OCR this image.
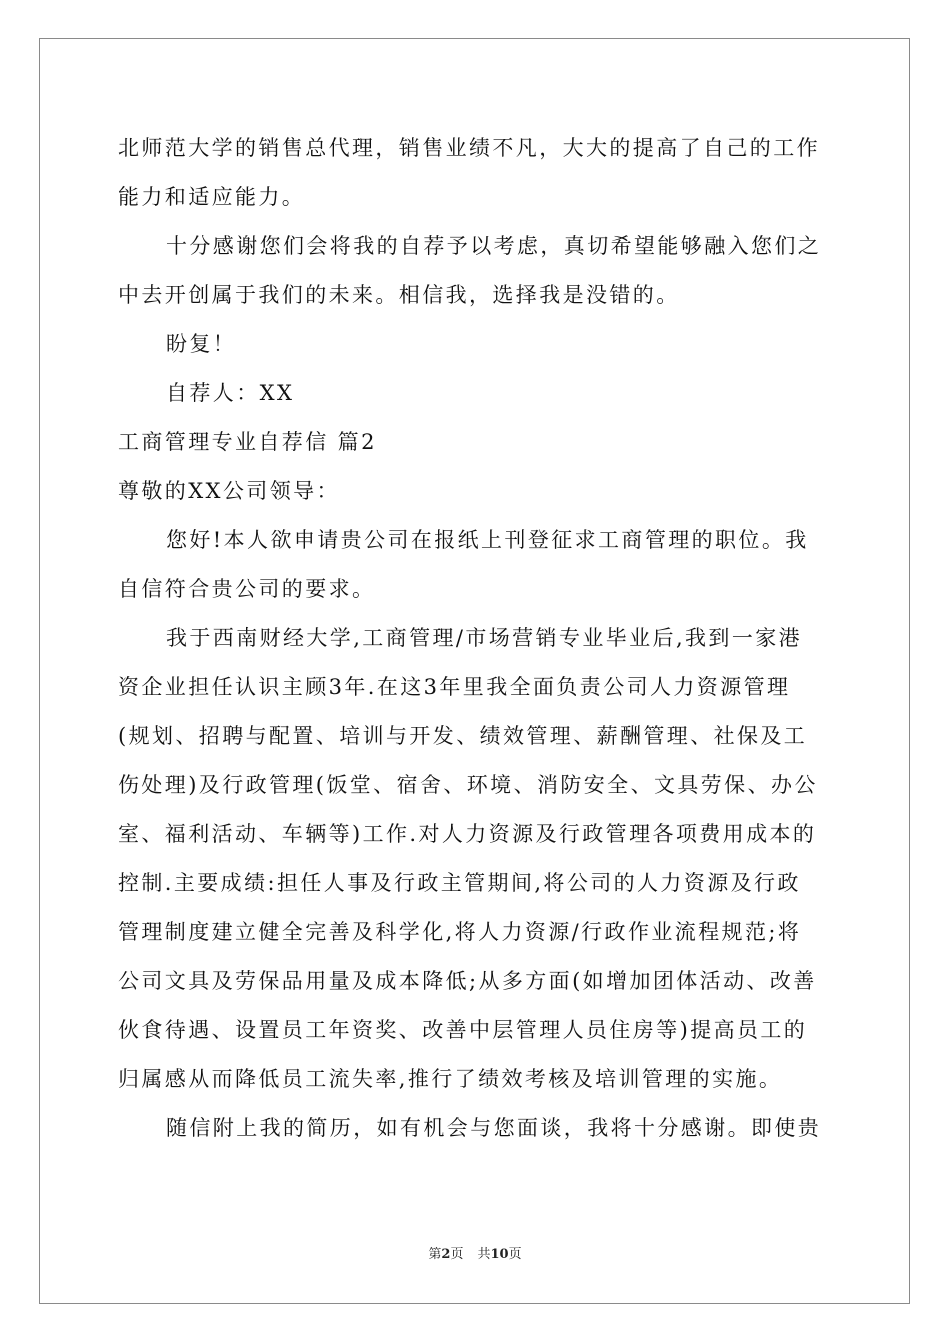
北师范大学的销售总代理，销售业绩不凡，大大的提高了自己的工作
能力和适应能力。
十分感谢您们会将我的自荐予以考虑，真切希望能够融入您们之
中去开创属于我们的未来。相信我，选择我是没错的。
盼复！
自荐人：XX
工商管理专业自荐信 篇2
尊敬的XX公司领导：
您好!本人欲申请贵公司在报纸上刊登征求工商管理的职位。我
自信符合贵公司的要求。
我于西南财经大学,工商管理/市场营销专业毕业后,我到一家港
资企业担任认识主顾3年.在这3年里我全面负责公司人力资源管理
(规划、招聘与配置、培训与开发、绩效管理、薪酬管理、社保及工
伤处理)及行政管理(饭堂、宿舍、环境、消防安全、文具劳保、办公
室、福利活动、车辆等)工作.对人力资源及行政管理各项费用成本的
控制.主要成绩:担任人事及行政主管期间,将公司的人力资源及行政
管理制度建立健全完善及科学化,将人力资源/行政作业流程规范;将
公司文具及劳保品用量及成本降低;从多方面(如增加团体活动、改善
伙食待遇、设置员工年资奖、改善中层管理人员住房等)提高员工的
归属感从而降低员工流失率,推行了绩效考核及培训管理的实施。
随信附上我的简历，如有机会与您面谈，我将十分感谢。即使贵
第2页 共10页
